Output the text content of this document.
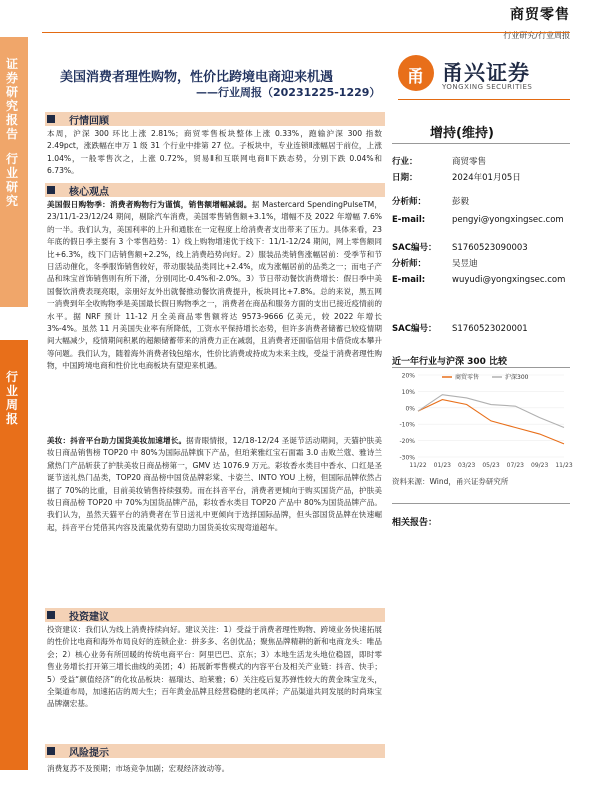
商贸零售
行业研究/行业周报
证券研究报告
行业研究
行业周报
美国消费者理性购物，性价比跨境电商迎来机遇
——行业周报（20231225-1229）
甬 甬兴证券
YONGXING SECURITIES
行情回顾
本周，沪深 300 环比上涨 2.81%；商贸零售板块整体上涨 0.33%，跑输沪深 300 指数 2.49pct，涨跌幅在申万 1 级 31 个行业中排第 27 位。子板块中，专业连锁Ⅱ涨幅居于前位，上涨 1.04%，一般零售次之，上涨 0.72%，贸易Ⅱ和互联网电商Ⅱ下跌态势，分别下跌 0.04%和 6.73%。
核心观点
美国假日购物季：消费者购物行为谨慎，销售额增幅减弱。据 Mastercard SpendingPulseTM，23/11/1-23/12/24 期间，剔除汽车消费，美国零售销售额+3.1%，增幅不及 2022 年增幅 7.6%的一半。我们认为，美国利率的上升和通胀在一定程度上给消费者支出带来了压力。具体来看，23 年底的假日季主要有 3 个零售趋势：1）线上购物增速优于线下：11/1-12/24 期间，网上零售额同比+6.3%，线下门店销售额+2.2%，线上消费趋势向好。2）服装品类销售涨幅居前：受季节和节日活动催化，冬季服饰销售较好，带动服装品类同比+2.4%，成为涨幅居前的品类之一；而电子产品和珠宝首饰销售则有所下滑，分别同比-0.4%和-2.0%。3）节日带动餐饮消费增长：假日季中美国餐饮消费表现亮眼，亲朋好友外出就餐推动餐饮消费提升，板块同比+7.8%。总的来说，黑五网一消费到年全收购物季是美国最长假日购物季之一，消费者在商品和服务方面的支出已接近疫情前的水平。据 NRF 预计 11-12 月全美商品零售额将达 9573-9666 亿美元，较 2022 年增长 3%-4%。虽然 11 月美国失业率有所降低，工资水平保持增长态势，但许多消费者储蓄已较疫情期间大幅减少，疫情期间积累的超额储蓄带来的消费力正在减弱，且消费者还面临信用卡借贷成本攀升等问题。我们认为，随着海外消费者钱包缩水，性价比消费或持成为未来主线，受益于消费者理性购物，中国跨境电商和性价比电商板块有望迎来机遇。
美妆：抖音平台助力国货美妆加速增长。据青眼情报，12/18-12/24 圣诞节活动期间，天猫护肤美妆日商品销售榜 TOP20 中 80%为国际品牌旗下产品，但珀莱雅红宝石面霜 3.0 击败兰蔻、雅诗兰黛热门产品斩获了护肤美妆日商品榜第一，GMV 达 1076.9 万元。彩妆香水类目中香水、口红是圣诞节送礼热门品类，TOP20 商品榜中国货品牌彩棠、卡姿兰、INTO YOU 上榜，但国际品牌依然占据了 70%的比重，目前美妆销售持续强势。而在抖音平台，消费者更倾向于购买国货产品，护肤美妆日商品榜 TOP20 中 70%为国货品牌产品，彩妆香水类目 TOP20 产品中 80%为国货品牌产品。我们认为，虽然天猫平台的消费者在节日送礼中更倾向于选择国际品牌，但头部国货品牌在快速崛起，抖音平台凭借其内容及流量优势有望助力国货美妆实现弯道超车。
投资建议
投资建议：我们认为线上消费持续向好。建议关注：1）受益于消费者理性购物、跨境业务快速拓展的性价比电商和海外布局良好的连锁企业：拼多多、名创优品；聚焦品牌精耕的新和电商龙头：唯品会；2）核心业务有所回暖的传统电商平台：阿里巴巴、京东；3）本地生活龙头地位稳固，即时零售业务增长打开第三增长曲线的美团；4）拓展新零售模式的内容平台及相关产业链：抖音、快手；5）受益“颜值经济”的化妆品板块：福瑞达、珀莱雅；6）关注疫后复苏弹性较大的黄金珠宝龙头，全渠道布局，加速拓店的周大生；百年黄金品牌且经营稳健的老凤祥；产品渠道共同发展的时尚珠宝品牌潮宏基。
风险提示
消费复苏不及预期；市场竞争加剧；宏观经济波动等。
增持(维持)
行业：	商贸零售
日期：	2024年01月05日
分析师：	彭毅
E-mail:	pengyi@yongxingsec.com
SAC编号： S1760523090003
分析师：	吴昱迪
E-mail:	wuyudi@yongxingsec.com
SAC编号： S1760523020001
近一年行业与沪深 300 比较
20%
10%
0%
-10%
-20%
-30%
11/22 01/23 03/23 05/23 07/23 09/23 11/23
商贸零售	沪深300
资料来源：Wind，甬兴证券研究所
相关报告：
